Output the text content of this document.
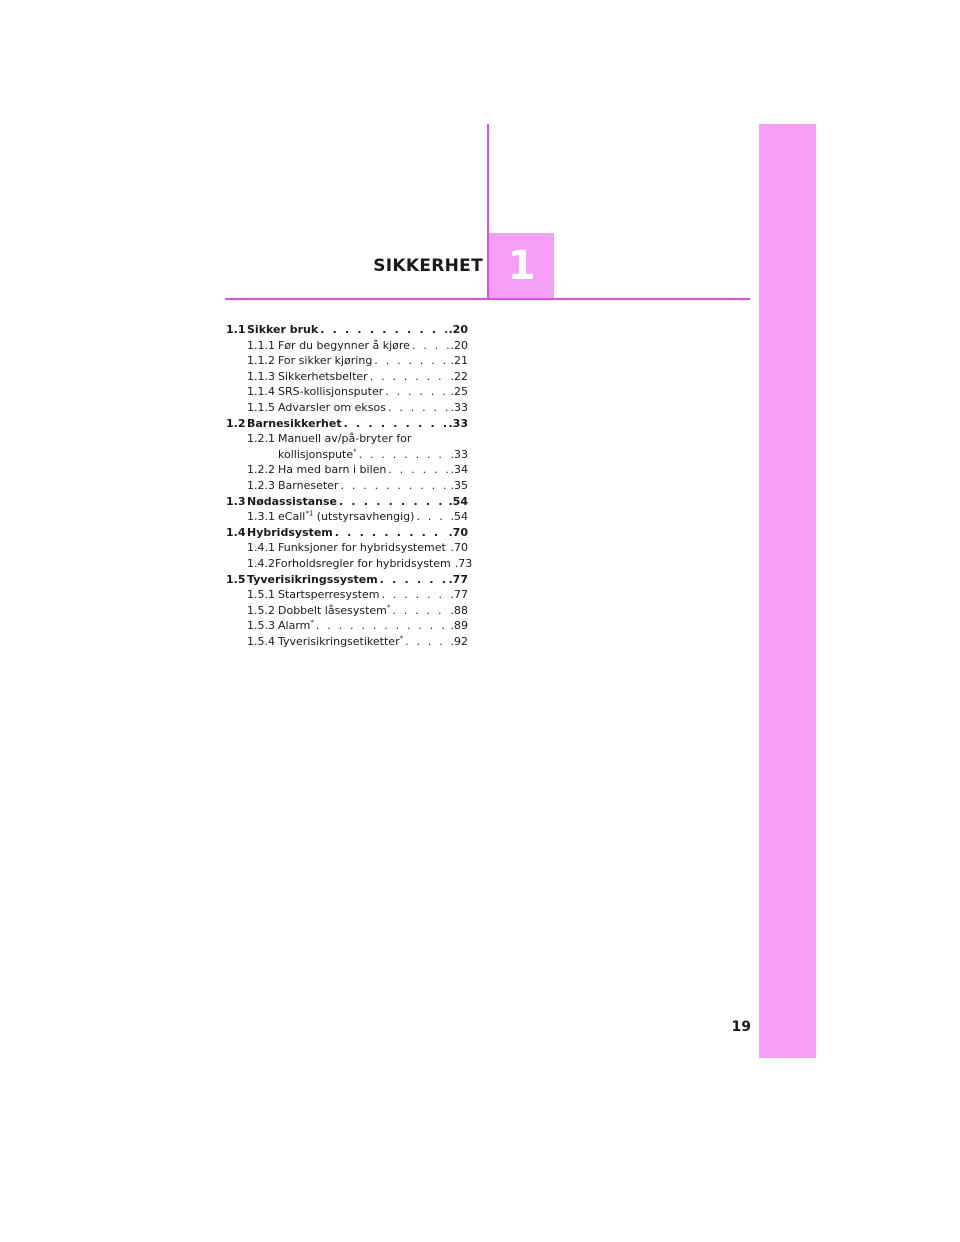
SIKKERHET 1
1.1 Sikker bruk . . .	.20
1.1.1 Før du begynner å kjøre . . .	.20
1.1.2 For sikker kjøring . . .	.21
1.1.3 Sikkerhetsbelter . . .	.22
1.1.4 SRS-kollisjonsputer . . .	.25
1.1.5 Advarsler om eksos . . .	.33
1.2 Barnesikkerhet . . .	.33
1.2.1 Manuell av/på-bryter for
kollisjonspute* . . .	.33
1.2.2 Ha med barn i bilen . . .	.34
1.2.3 Barneseter . . .	.35
1.3 Nødassistanse . . .	.54
1.3.1 eCall$^{*1}$ (utstyrsavhengig) . . .	.54
1.4 Hybridsystem . . .	.70
1.4.1 Funksjoner for hybridsystemet . . . .70
1.4.2 Forholdsregler for hybridsystem .73
1.5 Tyverisikringssystem . . .	.77
1.5.1 Startsperresystem . . .	.77
1.5.2 Dobbelt låsesystem* . . .	.88
1.5.3 Alarm* . . .	.89
1.5.4 Tyverisikringsetiketter* . . .	.92
19
